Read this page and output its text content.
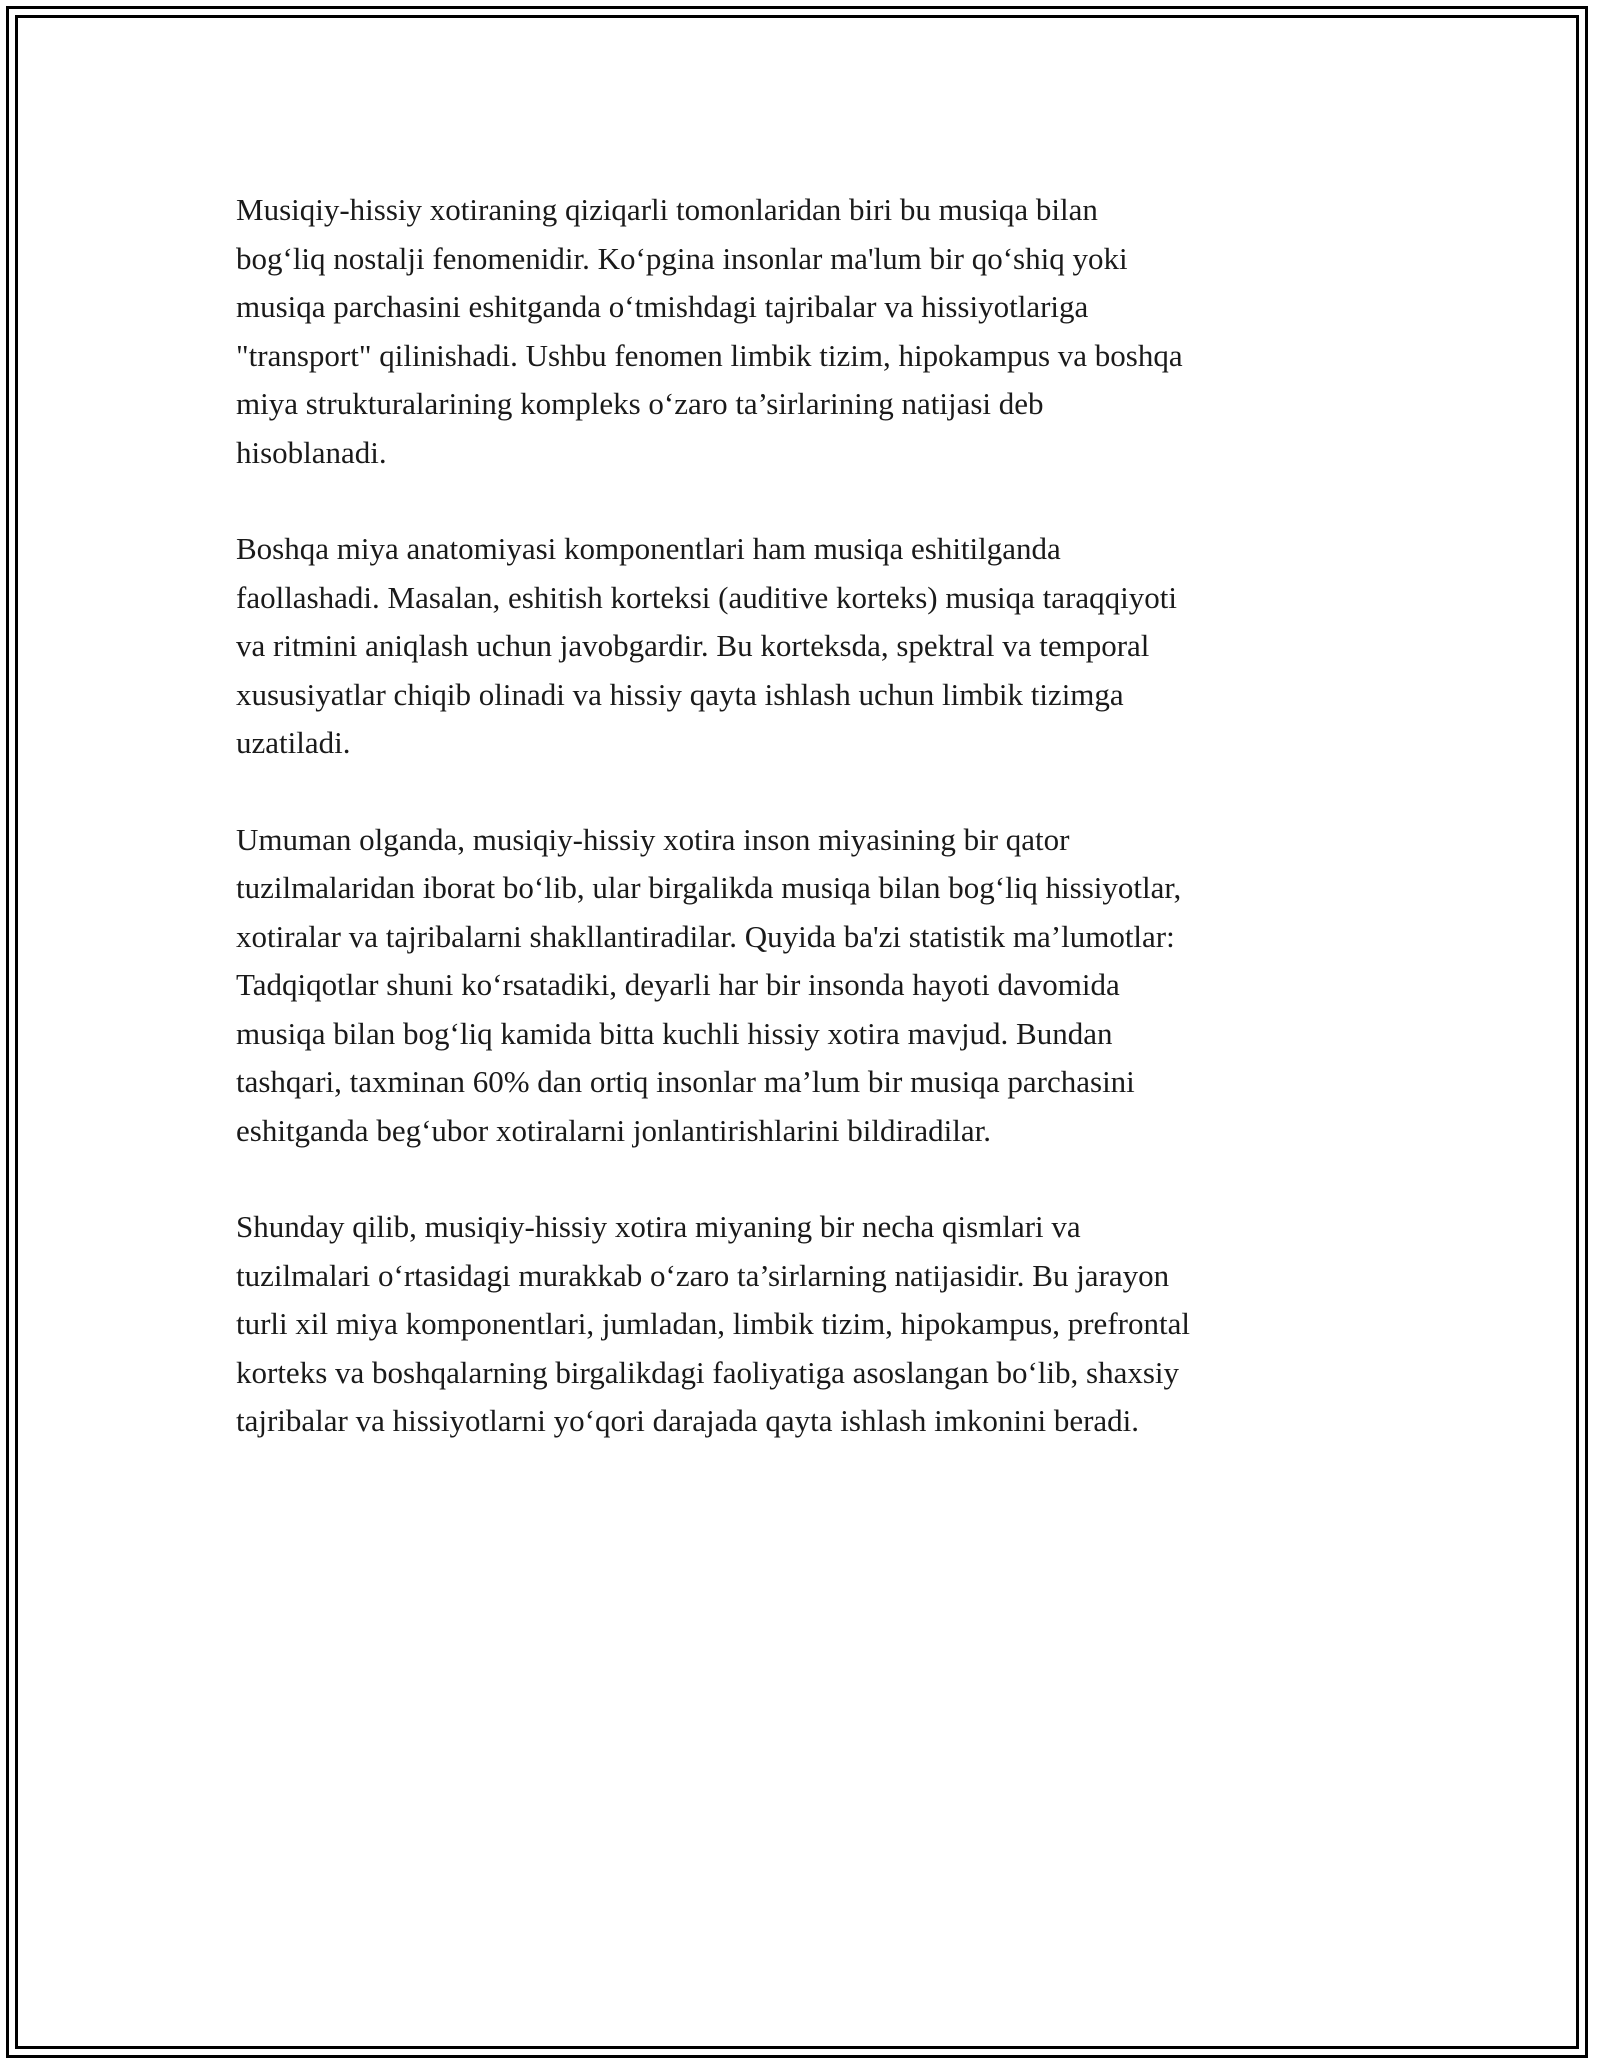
Musiqiy-hissiy xotiraning qiziqarli tomonlaridan biri bu musiqa bilan
bog‘liq nostalji fenomenidir. Ko‘pgina insonlar ma'lum bir qo‘shiq yoki
musiqa parchasini eshitganda o‘tmishdagi tajribalar va hissiyotlariga
"transport" qilinishadi. Ushbu fenomen limbik tizim, hipokampus va boshqa
miya strukturalarining kompleks o‘zaro ta’sirlarining natijasi deb
hisoblanadi.

Boshqa miya anatomiyasi komponentlari ham musiqa eshitilganda
faollashadi. Masalan, eshitish korteksi (auditive korteks) musiqa taraqqiyoti
va ritmini aniqlash uchun javobgardir. Bu korteksda, spektral va temporal
xususiyatlar chiqib olinadi va hissiy qayta ishlash uchun limbik tizimga
uzatiladi.

Umuman olganda, musiqiy-hissiy xotira inson miyasining bir qator
tuzilmalaridan iborat bo‘lib, ular birgalikda musiqa bilan bog‘liq hissiyotlar,
xotiralar va tajribalarni shakllantiradilar. Quyida ba'zi statistik ma’lumotlar:
Tadqiqotlar shuni ko‘rsatadiki, deyarli har bir insonda hayoti davomida
musiqa bilan bog‘liq kamida bitta kuchli hissiy xotira mavjud. Bundan
tashqari, taxminan 60% dan ortiq insonlar ma’lum bir musiqa parchasini
eshitganda beg‘ubor xotiralarni jonlantirishlarini bildiradilar.

Shunday qilib, musiqiy-hissiy xotira miyaning bir necha qismlari va
tuzilmalari o‘rtasidagi murakkab o‘zaro ta’sirlarning natijasidir. Bu jarayon
turli xil miya komponentlari, jumladan, limbik tizim, hipokampus, prefrontal
korteks va boshqalarning birgalikdagi faoliyatiga asoslangan bo‘lib, shaxsiy
tajribalar va hissiyotlarni yo‘qori darajada qayta ishlash imkonini beradi.
